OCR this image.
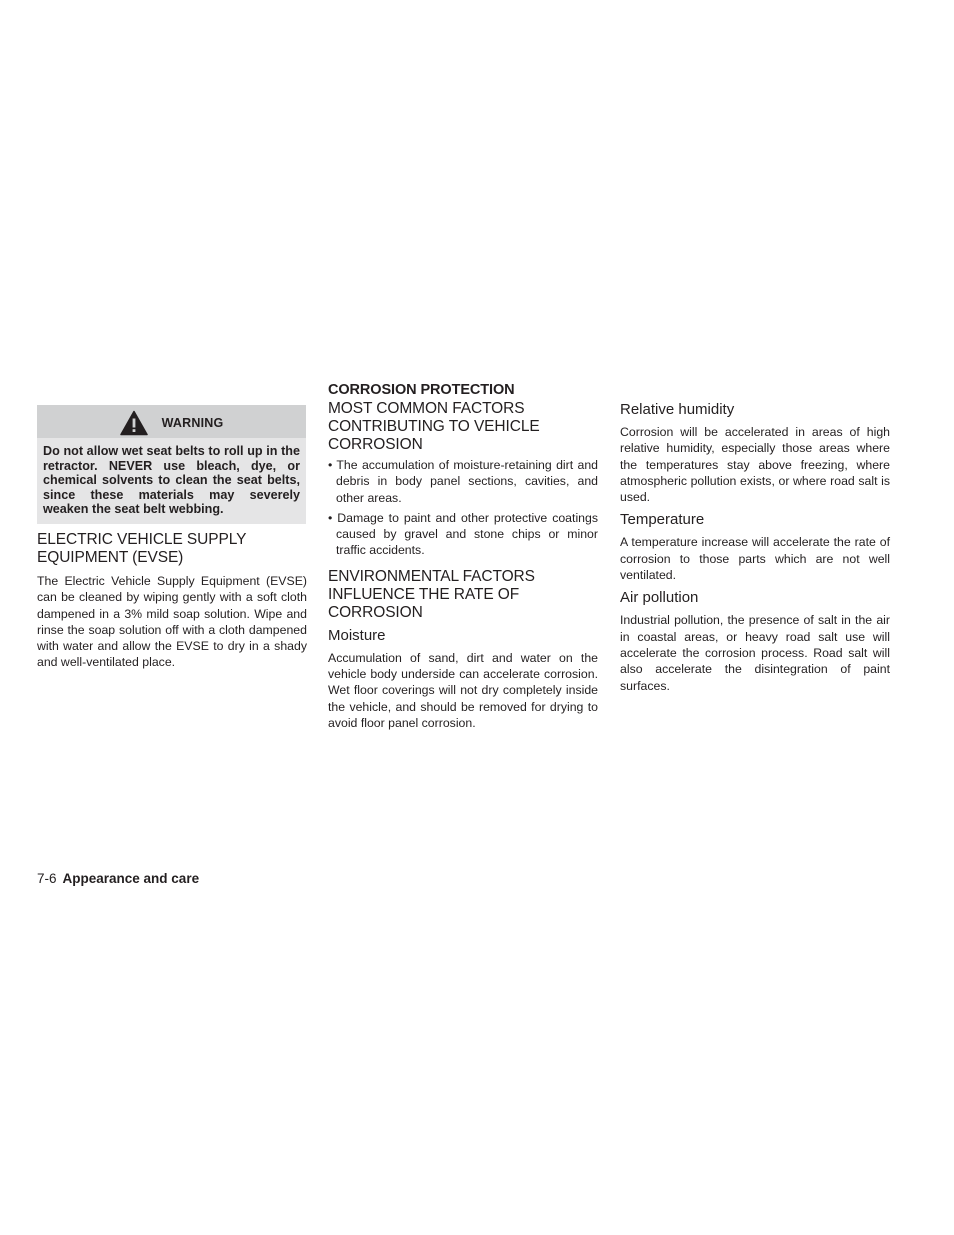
WARNING
Do not allow wet seat belts to roll up in the retractor. NEVER use bleach, dye, or chemical solvents to clean the seat belts, since these materials may severely weaken the seat belt webbing.
ELECTRIC VEHICLE SUPPLY EQUIPMENT (EVSE)

The Electric Vehicle Supply Equipment (EVSE) can be cleaned by wiping gently with a soft cloth dampened in a 3% mild soap solution. Wipe and rinse the soap solution off with a cloth dampened with water and allow the EVSE to dry in a shady and well-ventilated place.

CORROSION PROTECTION
MOST COMMON FACTORS CONTRIBUTING TO VEHICLE CORROSION
• The accumulation of moisture-retaining dirt and debris in body panel sections, cavities, and other areas.
• Damage to paint and other protective coatings caused by gravel and stone chips or minor traffic accidents.
ENVIRONMENTAL FACTORS INFLUENCE THE RATE OF CORROSION
Moisture

Accumulation of sand, dirt and water on the vehicle body underside can accelerate corrosion. Wet floor coverings will not dry completely inside the vehicle, and should be removed for drying to avoid floor panel corrosion.

Relative humidity

Corrosion will be accelerated in areas of high relative humidity, especially those areas where the temperatures stay above freezing, where atmospheric pollution exists, or where road salt is used.

Temperature

A temperature increase will accelerate the rate of corrosion to those parts which are not well ventilated.

Air pollution

Industrial pollution, the presence of salt in the air in coastal areas, or heavy road salt use will accelerate the corrosion process. Road salt will also accelerate the disintegration of paint surfaces.

7-6 Appearance and care
